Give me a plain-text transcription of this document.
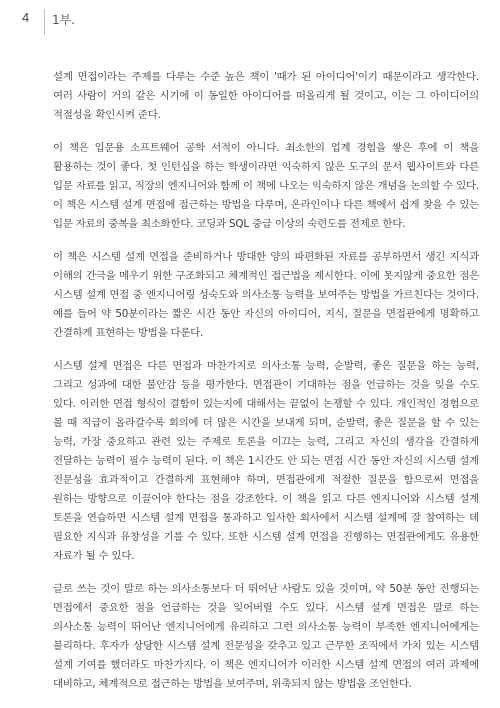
4 1부.

설계 면접이라는 주제를 다루는 수준 높은 책이 '때가 된 아이디어'이기 때문이라고 생각한다. 여러 사람이 거의 같은 시기에 이 동일한 아이디어를 떠올리게 될 것이고, 이는 그 아이디어의 적절성을 확인시켜 준다.

이 책은 입문용 소프트웨어 공학 서적이 아니다. 최소한의 업계 경험을 쌓은 후에 이 책을 활용하는 것이 좋다. 첫 인턴십을 하는 학생이라면 익숙하지 않은 도구의 문서 웹사이트와 다른 입문 자료를 읽고, 직장의 엔지니어와 함께 이 책에 나오는 익숙하지 않은 개념을 논의할 수 있다. 이 책은 시스템 설계 면접에 접근하는 방법을 다루며, 온라인이나 다른 책에서 쉽게 찾을 수 있는 입문 자료의 중복을 최소화한다. 코딩과 SQL 중급 이상의 숙련도를 전제로 한다.

이 책은 시스템 설계 면접을 준비하거나 방대한 양의 파편화된 자료를 공부하면서 생긴 지식과 이해의 간극을 메우기 위한 구조화되고 체계적인 접근법을 제시한다. 이에 못지않게 중요한 점은 시스템 설계 면접 중 엔지니어링 성숙도와 의사소통 능력을 보여주는 방법을 가르친다는 것이다. 예를 들어 약 50분이라는 짧은 시간 동안 자신의 아이디어, 지식, 질문을 면접관에게 명확하고 간결하게 표현하는 방법을 다룬다.

시스템 설계 면접은 다른 면접과 마찬가지로 의사소통 능력, 순발력, 좋은 질문을 하는 능력, 그리고 성과에 대한 불안감 등을 평가한다. 면접관이 기대하는 점을 언급하는 것을 잊을 수도 있다. 이러한 면접 형식이 결함이 있는지에 대해서는 끝없이 논쟁할 수 있다. 개인적인 경험으로 볼 때 직급이 올라갈수록 회의에 더 많은 시간을 보내게 되며, 순발력, 좋은 질문을 할 수 있는 능력, 가장 중요하고 관련 있는 주제로 토론을 이끄는 능력, 그리고 자신의 생각을 간결하게 전달하는 능력이 필수 능력이 된다. 이 책은 1시간도 안 되는 면접 시간 동안 자신의 시스템 설계 전문성을 효과적이고 간결하게 표현해야 하며, 면접관에게 적절한 질문을 함으로써 면접을 원하는 방향으로 이끌어야 한다는 점을 강조한다. 이 책을 읽고 다른 엔지니어와 시스템 설계 토론을 연습하면 시스템 설계 면접을 통과하고 입사한 회사에서 시스템 설계에 잘 참여하는 데 필요한 지식과 유창성을 기를 수 있다. 또한 시스템 설계 면접을 진행하는 면접관에게도 유용한 자료가 될 수 있다.

글로 쓰는 것이 말로 하는 의사소통보다 더 뛰어난 사람도 있을 것이며, 약 50분 동안 진행되는 면접에서 중요한 점을 언급하는 것을 잊어버릴 수도 있다. 시스템 설계 면접은 말로 하는 의사소통 능력이 뛰어난 엔지니어에게 유리하고 그런 의사소통 능력이 부족한 엔지니어에게는 불리하다. 후자가 상당한 시스템 설계 전문성을 갖추고 있고 근무한 조직에서 가치 있는 시스템 설계 기여를 했더라도 마찬가지다. 이 책은 엔지니어가 이러한 시스템 설계 면접의 여러 과제에 대비하고, 체계적으로 접근하는 방법을 보여주며, 위축되지 않는 방법을 조언한다.
